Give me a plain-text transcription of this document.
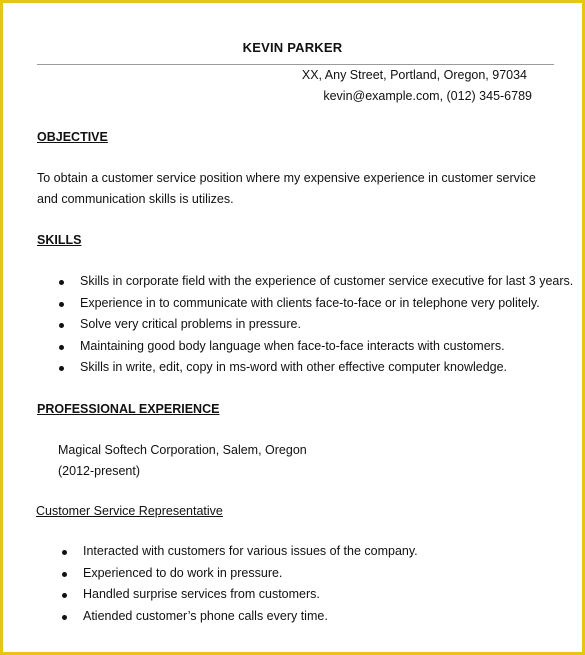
KEVIN PARKER
XX, Any Street, Portland, Oregon, 97034
kevin@example.com, (012) 345-6789
OBJECTIVE
To obtain a customer service position where my expensive experience in customer service and communication skills is utilizes.
SKILLS
Skills in corporate field with the experience of customer service executive for last 3 years.
Experience in to communicate with clients face-to-face or in telephone very politely.
Solve very critical problems in pressure.
Maintaining good body language when face-to-face interacts with customers.
Skills in write, edit, copy in ms-word with other effective computer knowledge.
PROFESSIONAL EXPERIENCE
Magical Softech Corporation, Salem, Oregon
(2012-present)
Customer Service Representative
Interacted with customers for various issues of the company.
Experienced to do work in pressure.
Handled surprise services from customers.
Atiended customer’s phone calls every time.
